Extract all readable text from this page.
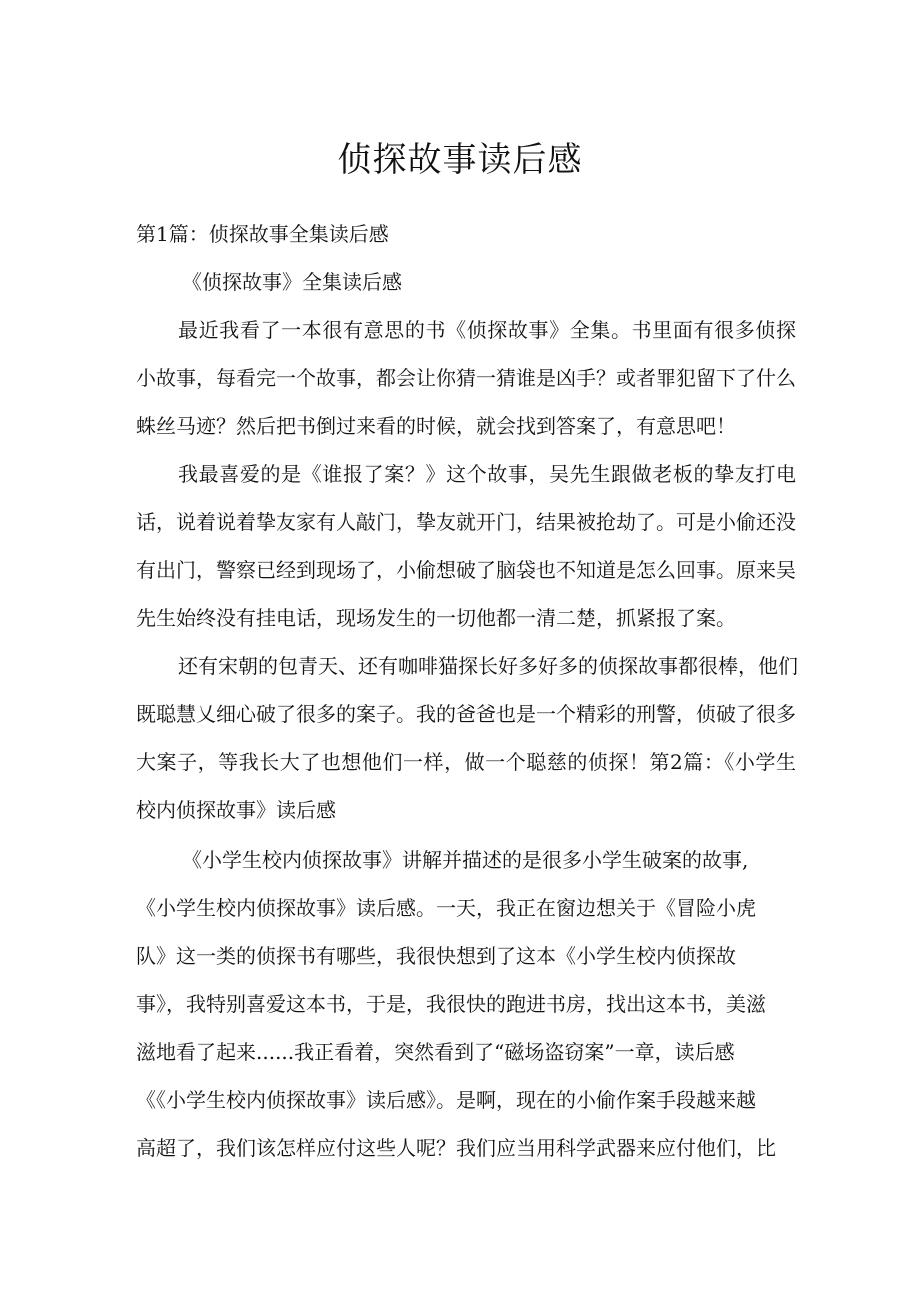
侦探故事读后感

第1篇：侦探故事全集读后感

《侦探故事》全集读后感

最近我看了一本很有意思的书《侦探故事》全集。书里面有很多侦探

小故事，每看完一个故事，都会让你猜一猜谁是凶手？或者罪犯留下了什么

蛛丝马迹？然后把书倒过来看的时候，就会找到答案了，有意思吧！

我最喜爱的是《谁报了案？》这个故事，吴先生跟做老板的挚友打电

话，说着说着挚友家有人敲门，挚友就开门，结果被抢劫了。可是小偷还没

有出门，警察已经到现场了，小偷想破了脑袋也不知道是怎么回事。原来吴

先生始终没有挂电话，现场发生的一切他都一清二楚，抓紧报了案。

还有宋朝的包青天、还有咖啡猫探长好多好多的侦探故事都很棒，他们

既聪慧乂细心破了很多的案子。我的爸爸也是一个精彩的刑警，侦破了很多

大案子，等我长大了也想他们一样，做一个聪慈的侦探！第2篇：《小学生

校内侦探故事》读后感

《小学生校内侦探故事》讲解并描述的是很多小学生破案的故事,

《小学生校内侦探故事》读后感。一天，我正在窗边想关于《冒险小虎

队》这一类的侦探书有哪些，我很快想到了这本《小学生校内侦探故

事》，我特别喜爱这本书，于是，我很快的跑进书房，找出这本书，美滋

滋地看了起来......我正看着，突然看到了“磁场盗窃案”一章，读后感

《《小学生校内侦探故事》读后感》。是啊，现在的小偷作案手段越来越

高超了，我们该怎样应付这些人呢？我们应当用科学武器来应付他们，比
